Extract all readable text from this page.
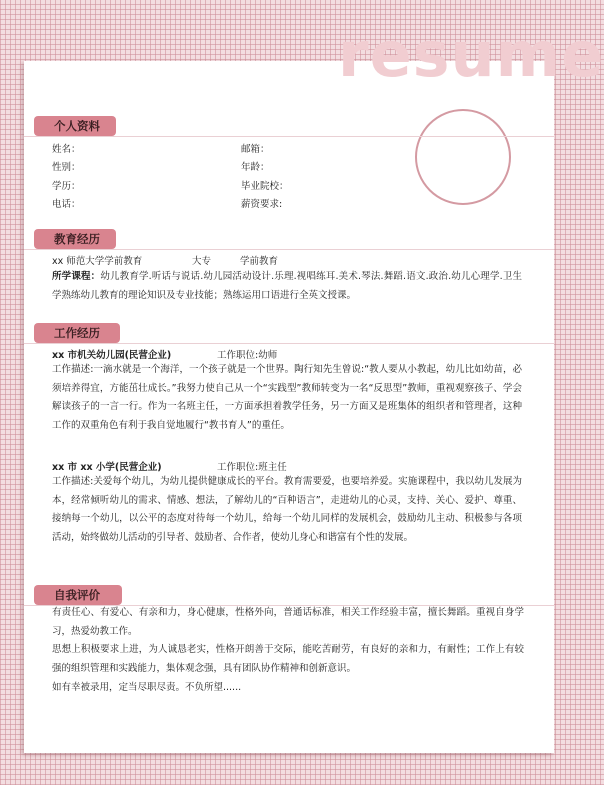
resume
个人资料
姓名：	邮箱：
性别：	年龄：
学历：	毕业院校：
电话：	薪资要求:
教育经历
xx 师范大学学前教育	大专	学前教育
所学课程：幼儿教育学.听话与说话.幼儿园活动设计.乐理.视唱练耳.美术.琴法.舞蹈.语文.政治.幼儿心理学.卫生学熟练幼儿教育的理论知识及专业技能；熟练运用口语进行全英文授课。
工作经历
xx 市机关幼儿园(民营企业)	工作职位:幼师
工作描述:一滴水就是一个海洋，一个孩子就是一个世界。陶行知先生曾说:“教人要从小教起，幼儿比如幼苗，必须培养得宜，方能茁壮成长。”我努力使自己从一个“实践型”教师转变为一名“反思型”教师，重视观察孩子、学会解读孩子的一言一行。作为一名班主任，一方面承担着教学任务，另一方面又是班集体的组织者和管理者，这种工作的双重角色有利于我自觉地履行“教书育人”的重任。
xx 市 xx 小学(民营企业)	工作职位:班主任
工作描述:关爱每个幼儿，为幼儿提供健康成长的平台。教育需要爱，也要培养爱。实施课程中，我以幼儿发展为本，经常倾听幼儿的需求、情感、想法，了解幼儿的“百种语言”，走进幼儿的心灵，支持、关心、爱护、尊重、接纳每一个幼儿，以公平的态度对待每一个幼儿，给每一个幼儿同样的发展机会，鼓励幼儿主动、积极参与各项活动，始终做幼儿活动的引导者、鼓励者、合作者，使幼儿身心和谐富有个性的发展。
自我评价
有责任心、有爱心、有亲和力，身心健康，性格外向，普通话标准，相关工作经验丰富，擅长舞蹈。重视自身学习，热爱幼教工作。
思想上积极要求上进，为人诚恳老实，性格开朗善于交际，能吃苦耐劳，有良好的亲和力，有耐性；工作上有较强的组织管理和实践能力，集体观念强，具有团队协作精神和创新意识。
如有幸被录用，定当尽职尽责。不负所望......
